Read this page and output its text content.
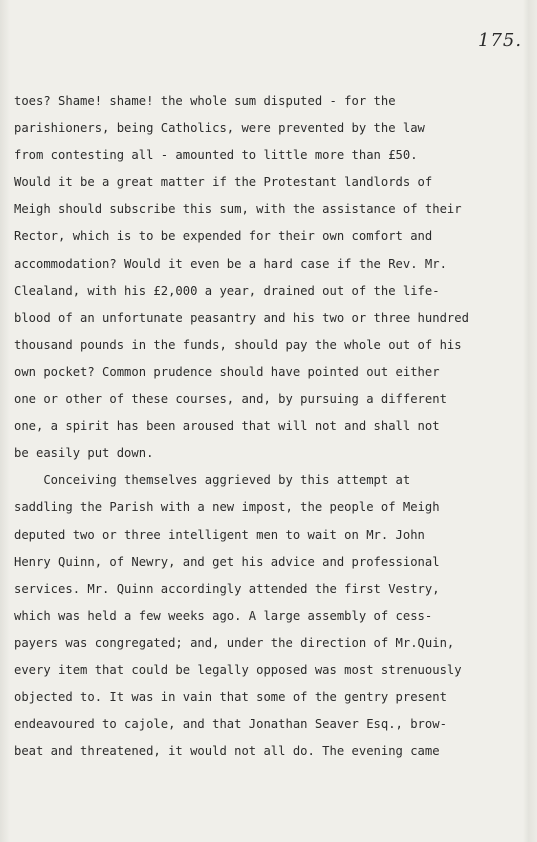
175.
toes? Shame! shame! the whole sum disputed - for the
parishioners, being Catholics, were prevented by the law
from contesting all - amounted to little more than £50.
Would it be a great matter if the Protestant landlords of
Meigh should subscribe this sum, with the assistance of their
Rector, which is to be expended for their own comfort and
accommodation? Would it even be a hard case if the Rev. Mr.
Clealand, with his £2,000 a year, drained out of the life-
blood of an unfortunate peasantry and his two or three hundred
thousand pounds in the funds, should pay the whole out of his
own pocket? Common prudence should have pointed out either
one or other of these courses, and, by pursuing a different
one, a spirit has been aroused that will not and shall not
be easily put down.
Conceiving themselves aggrieved by this attempt at
saddling the Parish with a new impost, the people of Meigh
deputed two or three intelligent men to wait on Mr. John
Henry Quinn, of Newry, and get his advice and professional
services. Mr. Quinn accordingly attended the first Vestry,
which was held a few weeks ago. A large assembly of cess-
payers was congregated; and, under the direction of Mr.Quin,
every item that could be legally opposed was most strenuously
objected to. It was in vain that some of the gentry present
endeavoured to cajole, and that Jonathan Seaver Esq., brow-
beat and threatened, it would not all do. The evening came
